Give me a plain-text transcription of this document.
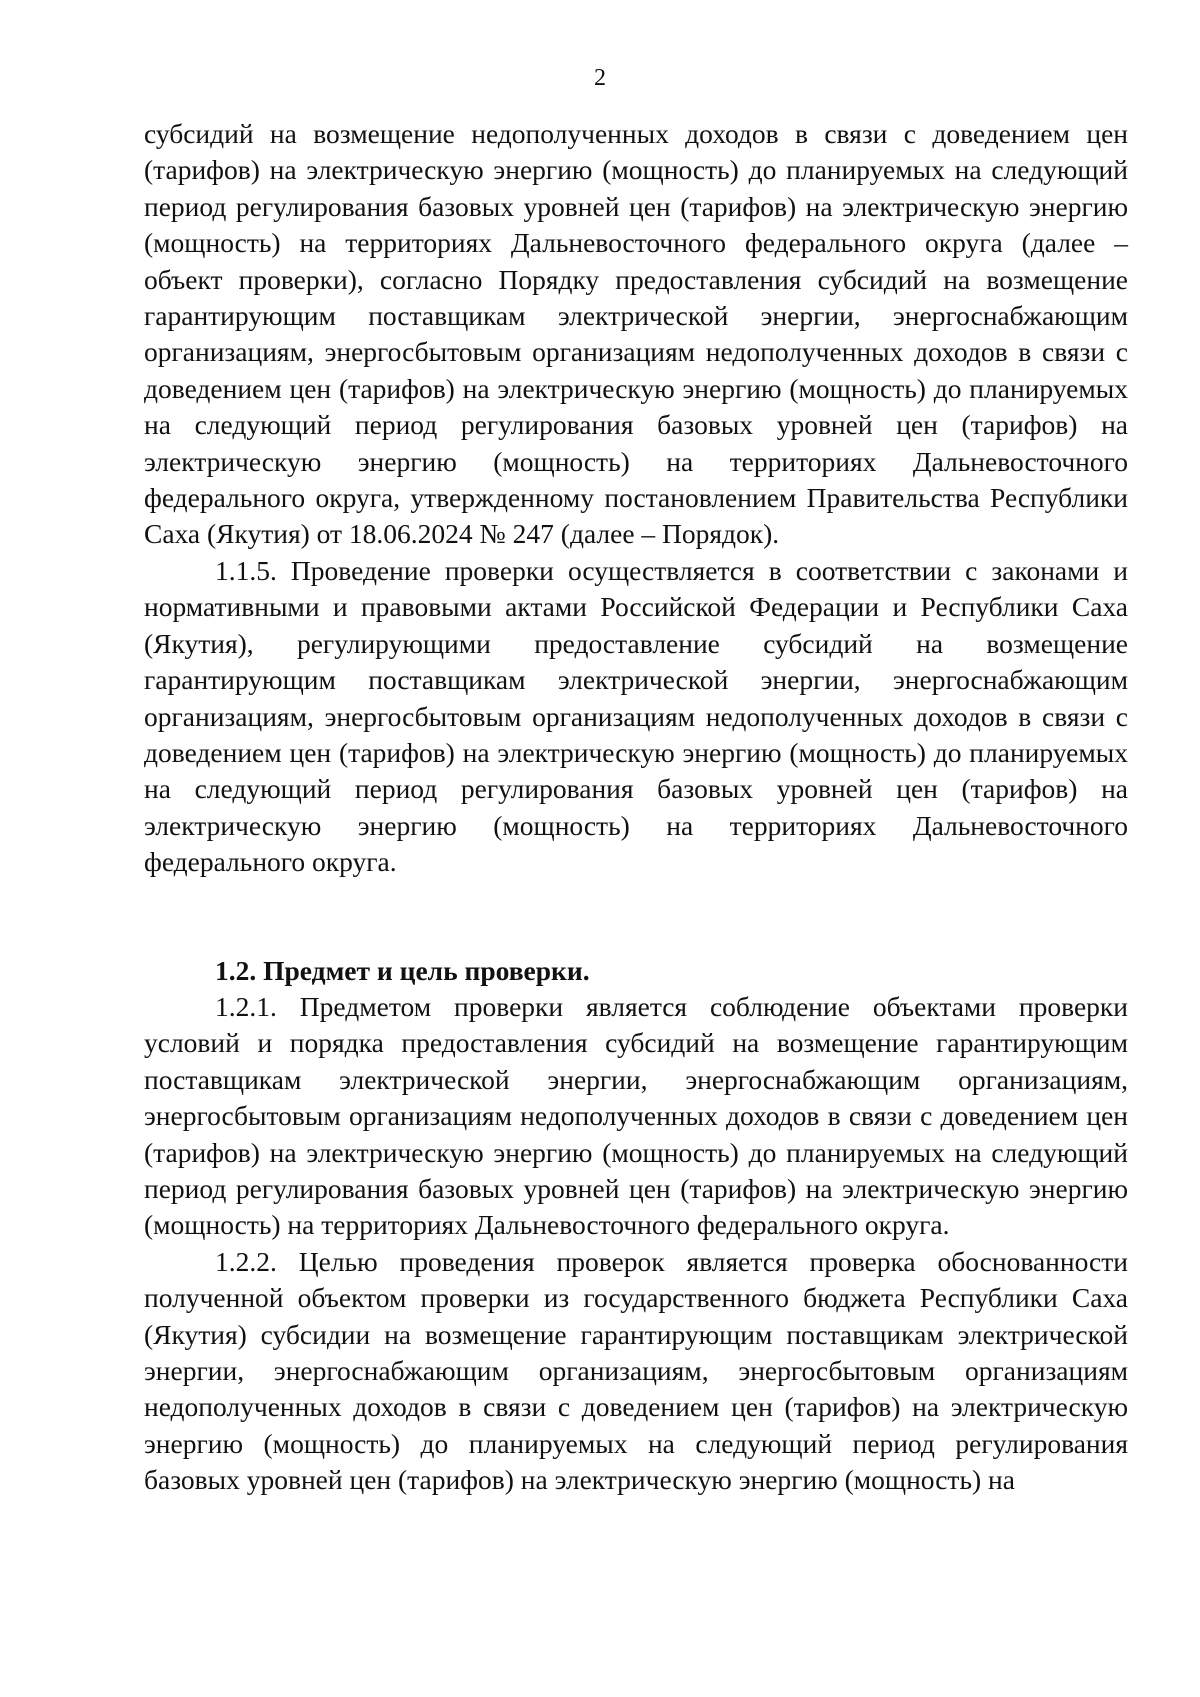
2

субсидий на возмещение недополученных доходов в связи с доведением цен (тарифов) на электрическую энергию (мощность) до планируемых на следующий период регулирования базовых уровней цен (тарифов) на электрическую энергию (мощность) на территориях Дальневосточного федерального округа (далее – объект проверки), согласно Порядку предоставления субсидий на возмещение гарантирующим поставщикам электрической энергии, энергоснабжающим организациям, энергосбытовым организациям недополученных доходов в связи с доведением цен (тарифов) на электрическую энергию (мощность) до планируемых на следующий период регулирования базовых уровней цен (тарифов) на электрическую энергию (мощность) на территориях Дальневосточного федерального округа, утвержденному постановлением Правительства Республики Саха (Якутия) от 18.06.2024 № 247 (далее – Порядок).

1.1.5. Проведение проверки осуществляется в соответствии с законами и нормативными и правовыми актами Российской Федерации и Республики Саха (Якутия), регулирующими предоставление субсидий на возмещение гарантирующим поставщикам электрической энергии, энергоснабжающим организациям, энергосбытовым организациям недополученных доходов в связи с доведением цен (тарифов) на электрическую энергию (мощность) до планируемых на следующий период регулирования базовых уровней цен (тарифов) на электрическую энергию (мощность) на территориях Дальневосточного федерального округа.

1.2. Предмет и цель проверки.

1.2.1. Предметом проверки является соблюдение объектами проверки условий и порядка предоставления субсидий на возмещение гарантирующим поставщикам электрической энергии, энергоснабжающим организациям, энергосбытовым организациям недополученных доходов в связи с доведением цен (тарифов) на электрическую энергию (мощность) до планируемых на следующий период регулирования базовых уровней цен (тарифов) на электрическую энергию (мощность) на территориях Дальневосточного федерального округа.

1.2.2. Целью проведения проверок является проверка обоснованности полученной объектом проверки из государственного бюджета Республики Саха (Якутия) субсидии на возмещение гарантирующим поставщикам электрической энергии, энергоснабжающим организациям, энергосбытовым организациям недополученных доходов в связи с доведением цен (тарифов) на электрическую энергию (мощность) до планируемых на следующий период регулирования базовых уровней цен (тарифов) на электрическую энергию (мощность) на
